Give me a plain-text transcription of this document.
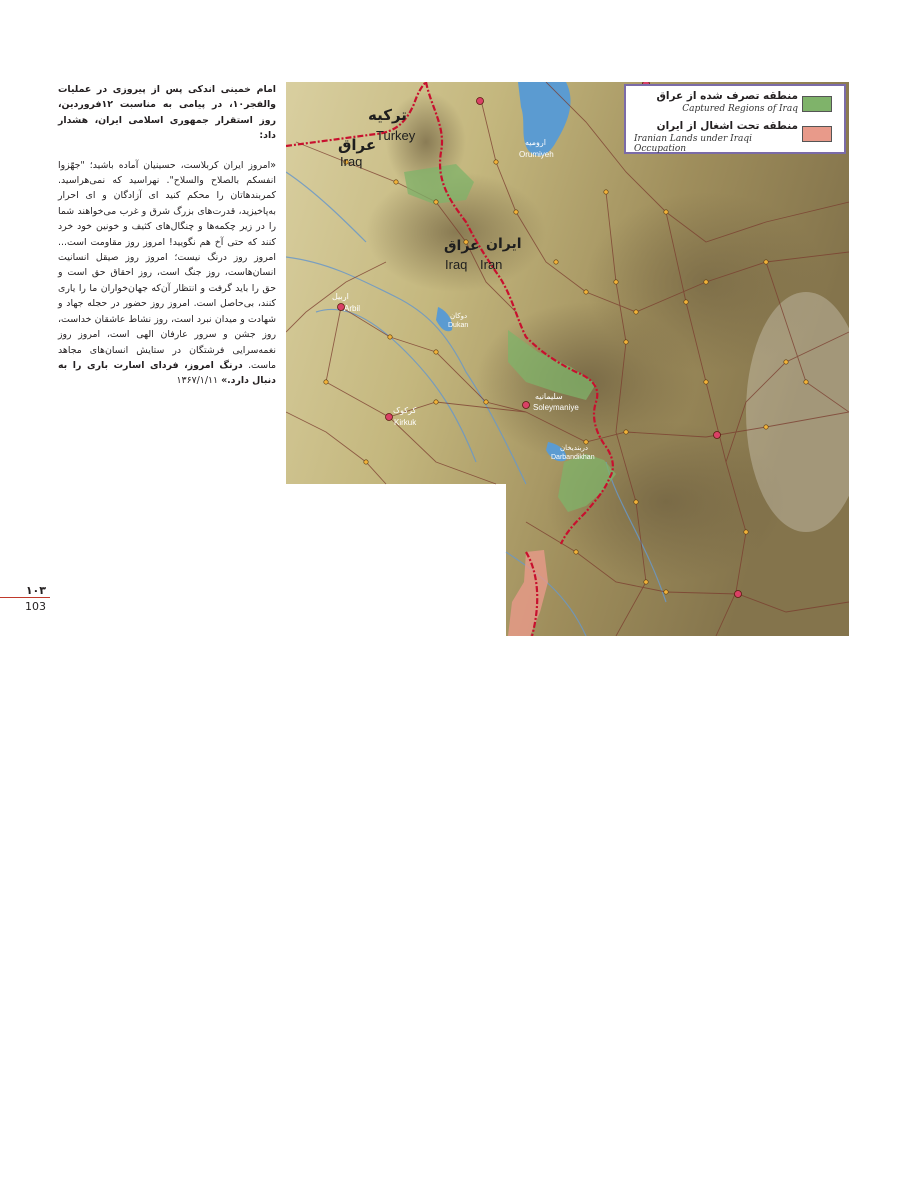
امام خمینی اندکی پس از پیروزی در عملیات والفجر۱۰، در پیامی به مناسبت ۱۲فروردین، روز استقرار جمهوری اسلامی ایران، هشدار داد:

«امروز ایران کربلاست، حسینیان آماده باشید؛ "جهّزوا انفسکم بالصلاح والسلاح". نهراسید که نمی‌هراسید. کمربندهاتان را محکم کنید ای آزادگان و ای احرار به‌پاخیزید، قدرت‌های بزرگ شرق و غرب می‌خواهند شما را در زیر چکمه‌ها و چنگال‌های کثیف و خونین خود خرد کنند که حتی آخ هم نگویید! امروز روز مقاومت است... امروز روز درنگ نیست؛ امروز روز صیقل انسانیت انسان‌هاست، روز جنگ است، روز احقاق حق است و حق را باید گرفت و انتظار آن‌که جهان‌خواران ما را یاری کنند، بی‌حاصل است. امروز روز حضور در حجله جهاد و شهادت و میدان نبرد است، روز نشاط عاشقان خداست، روز جشن و سرور عارفان الهی است، امروز روز نغمه‌سرایی فرشتگان در ستایش انسان‌های مجاهد ماست. درنگ امروز، فردای اسارت باری را به دنبال دارد.» ۱۳۶۷/۱/۱۱

۱۰۳
103
ترکیه
Turkey
عراق
Iraq
عراق
Iraq
ایران
Iran
ارومیه
Orumiyeh
اربیل
Arbil
دوکان
Dukan
سلیمانیه
Soleymaniye
کرکوک
Kirkuk
دربندیخان
Darbandikhan
منطقه تصرف شده از عراق
Captured Regions of Iraq
منطقه تحت اشغال از ایران
Iranian Lands under Iraqi Occupation
